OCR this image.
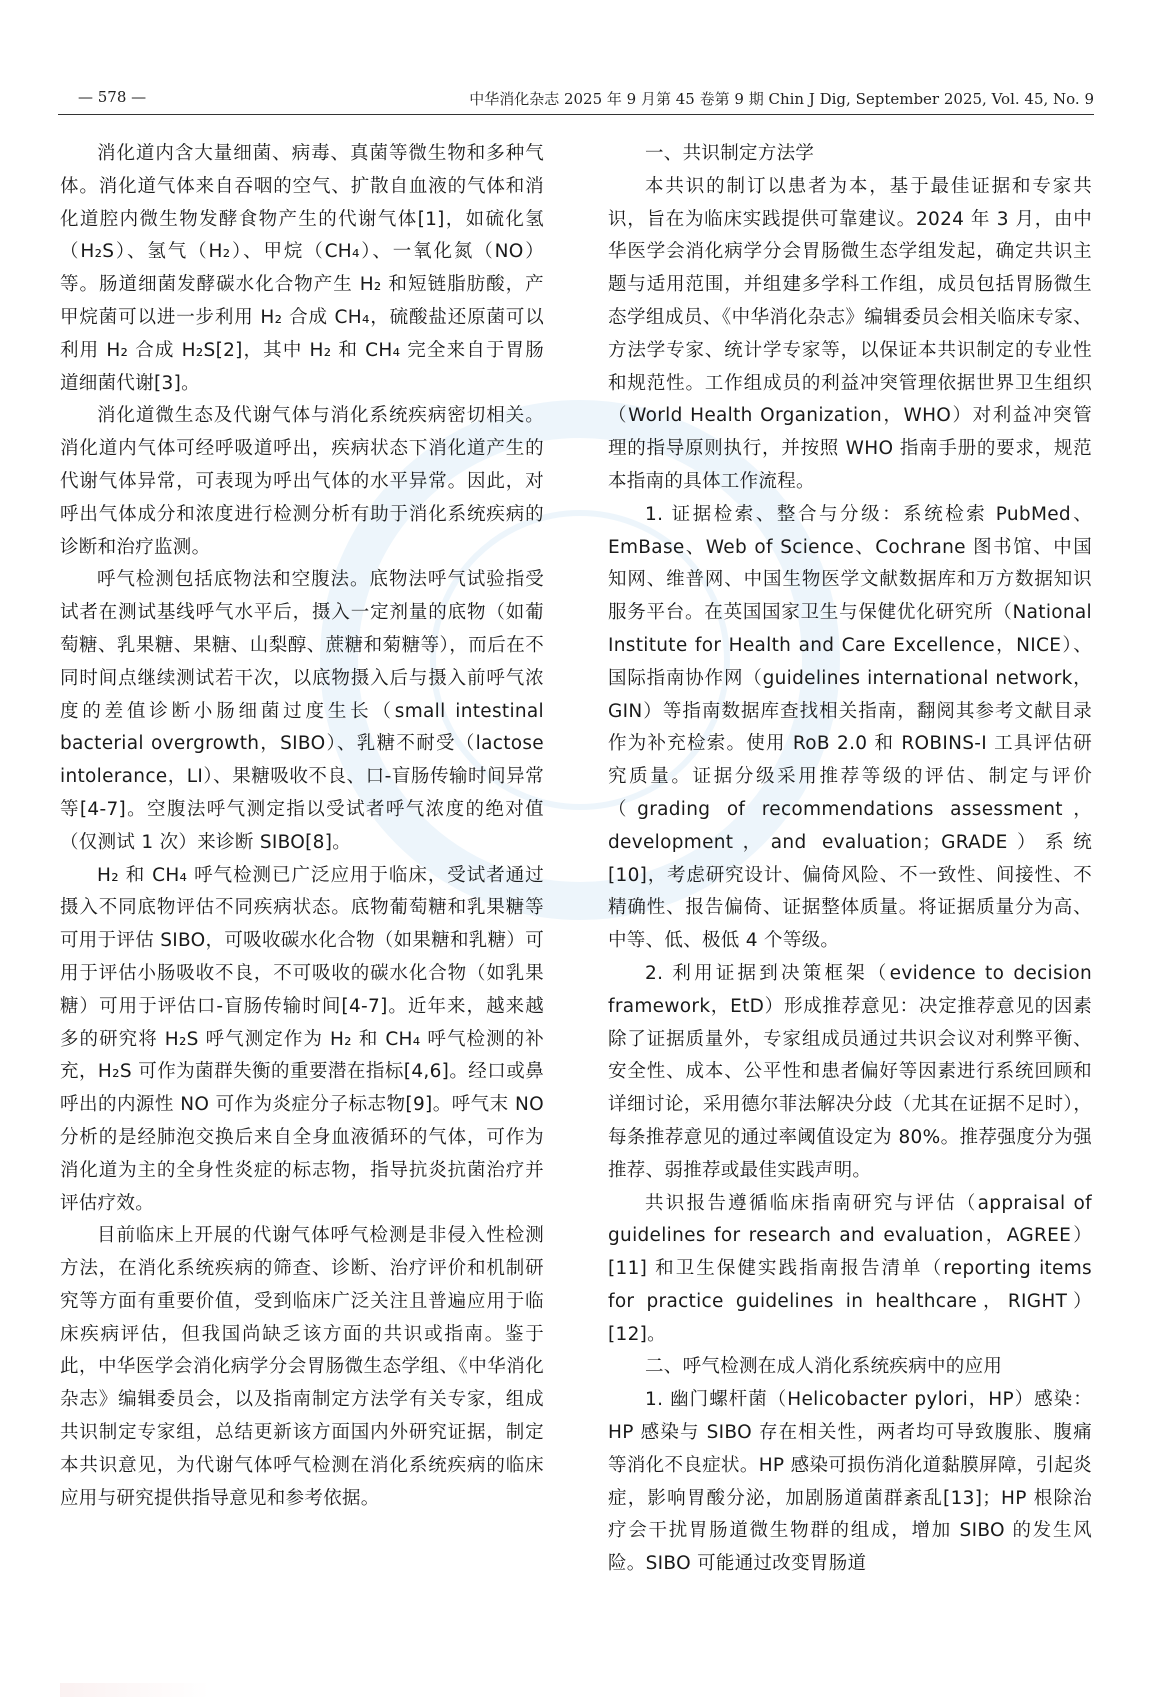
— 578 —	中华消化杂志 2025 年 9 月第 45 卷第 9 期 Chin J Dig, September 2025, Vol. 45, No. 9

消化道内含大量细菌、病毒、真菌等微生物和多种气体。消化道气体来自吞咽的空气、扩散自血液的气体和消化道腔内微生物发酵食物产生的代谢气体[1]，如硫化氢（H₂S）、氢气（H₂）、甲烷（CH₄）、一氧化氮（NO）等。肠道细菌发酵碳水化合物产生 H₂ 和短链脂肪酸，产甲烷菌可以进一步利用 H₂ 合成 CH₄，硫酸盐还原菌可以利用 H₂ 合成 H₂S[2]，其中 H₂ 和 CH₄ 完全来自于胃肠道细菌代谢[3]。

消化道微生态及代谢气体与消化系统疾病密切相关。消化道内气体可经呼吸道呼出，疾病状态下消化道产生的代谢气体异常，可表现为呼出气体的水平异常。因此，对呼出气体成分和浓度进行检测分析有助于消化系统疾病的诊断和治疗监测。

呼气检测包括底物法和空腹法。底物法呼气试验指受试者在测试基线呼气水平后，摄入一定剂量的底物（如葡萄糖、乳果糖、果糖、山梨醇、蔗糖和菊糖等），而后在不同时间点继续测试若干次，以底物摄入后与摄入前呼气浓度的差值诊断小肠细菌过度生长（small intestinal bacterial overgrowth，SIBO）、乳糖不耐受（lactose intolerance，LI）、果糖吸收不良、口-盲肠传输时间异常等[4-7]。空腹法呼气测定指以受试者呼气浓度的绝对值（仅测试 1 次）来诊断 SIBO[8]。

H₂ 和 CH₄ 呼气检测已广泛应用于临床，受试者通过摄入不同底物评估不同疾病状态。底物葡萄糖和乳果糖等可用于评估 SIBO，可吸收碳水化合物（如果糖和乳糖）可用于评估小肠吸收不良，不可吸收的碳水化合物（如乳果糖）可用于评估口-盲肠传输时间[4-7]。近年来，越来越多的研究将 H₂S 呼气测定作为 H₂ 和 CH₄ 呼气检测的补充，H₂S 可作为菌群失衡的重要潜在指标[4,6]。经口或鼻呼出的内源性 NO 可作为炎症分子标志物[9]。呼气末 NO 分析的是经肺泡交换后来自全身血液循环的气体，可作为消化道为主的全身性炎症的标志物，指导抗炎抗菌治疗并评估疗效。

目前临床上开展的代谢气体呼气检测是非侵入性检测方法，在消化系统疾病的筛查、诊断、治疗评价和机制研究等方面有重要价值，受到临床广泛关注且普遍应用于临床疾病评估，但我国尚缺乏该方面的共识或指南。鉴于此，中华医学会消化病学分会胃肠微生态学组、《中华消化杂志》编辑委员会，以及指南制定方法学有关专家，组成共识制定专家组，总结更新该方面国内外研究证据，制定本共识意见，为代谢气体呼气检测在消化系统疾病的临床应用与研究提供指导意见和参考依据。

一、共识制定方法学

本共识的制订以患者为本，基于最佳证据和专家共识，旨在为临床实践提供可靠建议。2024 年 3 月，由中华医学会消化病学分会胃肠微生态学组发起，确定共识主题与适用范围，并组建多学科工作组，成员包括胃肠微生态学组成员、《中华消化杂志》编辑委员会相关临床专家、方法学专家、统计学专家等，以保证本共识制定的专业性和规范性。工作组成员的利益冲突管理依据世界卫生组织（World Health Organization，WHO）对利益冲突管理的指导原则执行，并按照 WHO 指南手册的要求，规范本指南的具体工作流程。

1. 证据检索、整合与分级：系统检索 PubMed、EmBase、Web of Science、Cochrane 图书馆、中国知网、维普网、中国生物医学文献数据库和万方数据知识服务平台。在英国国家卫生与保健优化研究所（National Institute for Health and Care Excellence，NICE）、国际指南协作网（guidelines international network，GIN）等指南数据库查找相关指南，翻阅其参考文献目录作为补充检索。使用 RoB 2.0 和 ROBINS-I 工具评估研究质量。证据分级采用推荐等级的评估、制定与评价（grading of recommendations assessment，development，and evaluation；GRADE）系统[10]，考虑研究设计、偏倚风险、不一致性、间接性、不精确性、报告偏倚、证据整体质量。将证据质量分为高、中等、低、极低 4 个等级。

2. 利用证据到决策框架（evidence to decision framework，EtD）形成推荐意见：决定推荐意见的因素除了证据质量外，专家组成员通过共识会议对利弊平衡、安全性、成本、公平性和患者偏好等因素进行系统回顾和详细讨论，采用德尔菲法解决分歧（尤其在证据不足时），每条推荐意见的通过率阈值设定为 80%。推荐强度分为强推荐、弱推荐或最佳实践声明。

共识报告遵循临床指南研究与评估（appraisal of guidelines for research and evaluation，AGREE）[11] 和卫生保健实践指南报告清单（reporting items for practice guidelines in healthcare，RIGHT）[12]。

二、呼气检测在成人消化系统疾病中的应用

1. 幽门螺杆菌（Helicobacter pylori，HP）感染：HP 感染与 SIBO 存在相关性，两者均可导致腹胀、腹痛等消化不良症状。HP 感染可损伤消化道黏膜屏障，引起炎症，影响胃酸分泌，加剧肠道菌群紊乱[13]；HP 根除治疗会干扰胃肠道微生物群的组成，增加 SIBO 的发生风险。SIBO 可能通过改变胃肠道
